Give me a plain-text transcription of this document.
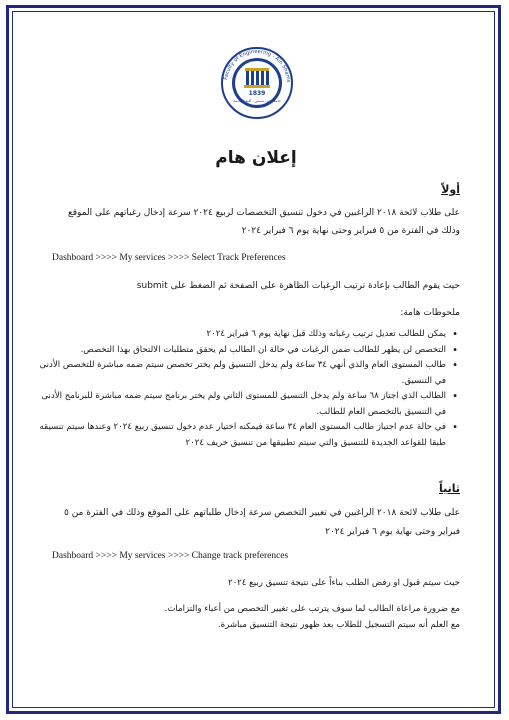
Faculty of Engineering - Ain Shams
1839
جامعة عين شمس - كلية الهندسة
إعلان هام
أولاً
على طلاب لائحة ٢٠١٨ الراغبين في دخول تنسيق التخصصات لربيع ٢٠٢٤ سرعة إدخال رغباتهم على الموقع
وذلك في الفترة من ٥ فبراير وحتى نهاية يوم ٦ فبراير ٢٠٢٤
Dashboard >>>> My services >>>> Select Track Preferences
حيث يقوم الطالب بإعادة ترتيب الرغبات الظاهرة على الصفحة ثم الضغط على submit
ملحوظات هامة:
• يمكن للطالب تعديل ترتيب رغباته وذلك قبل نهاية يوم ٦ فبراير ٢٠٢٤
• التخصص لن يظهر للطالب ضمن الرغبات في حالة ان الطالب لم يحقق متطلبات الالتحاق بهذا التخصص.
• طالب المستوى العام والذي أنهي ٣٤ ساعة ولم يدخل التنسيق ولم يختر تخصص سيتم ضمه مباشرة للتخصص الأدنى في التنسيق.
• الطالب الذي اجتاز ٦٨ ساعة ولم يدخل التنسيق للمستوى الثاني ولم يختر برنامج سيتم ضمه مباشرة للبرنامج الأدنى في التنسيق بالتخصص العام للطالب.
• في حالة عدم اجتياز طالب المستوى العام ٣٤ ساعة فيمكنه اختيار عدم دخول تنسيق ربيع ٢٠٢٤ وعندها سيتم تنسيقه طبقا للقواعد الجديدة للتنسيق والتي سيتم تطبيقها من تنسيق خريف ٢٠٢٤
ثانياً
على طلاب لائحة ٢٠١٨ الراغبين في تغيير التخصص سرعة إدخال طلباتهم على الموقع وذلك في الفترة من ٥
فبراير وحتى نهاية يوم ٦ فبراير ٢٠٢٤
Dashboard >>>> My services >>>> Change track preferences
حيث سيتم قبول او رفض الطلب بناءاً على نتيجة تنسيق ربيع ٢٠٢٤
مع ضرورة مراعاة الطالب لما سوف يترتب على تغيير التخصص من أعباء والتزامات.
مع العلم أنه سيتم التسجيل للطلاب بعد ظهور نتيجة التنسيق مباشرة.
